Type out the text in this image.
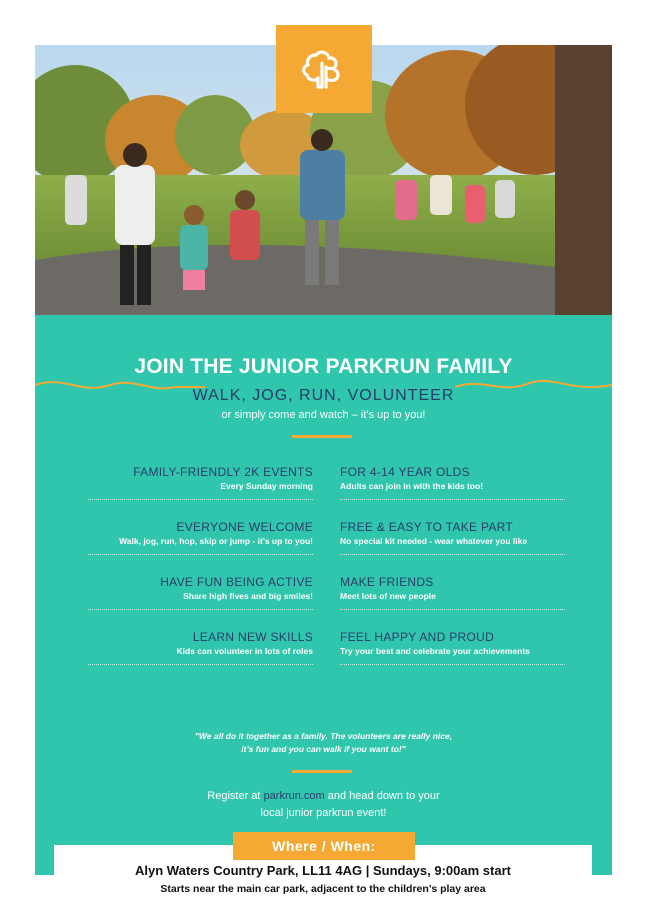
JOIN THE JUNIOR PARKRUN FAMILY
WALK, JOG, RUN, VOLUNTEER
or simply come and watch – it’s up to you!
FAMILY-FRIENDLY 2K EVENTS
Every Sunday morning
FOR 4-14 YEAR OLDS
Adults can join in with the kids too!
EVERYONE WELCOME
Walk, jog, run, hop, skip or jump - it’s up to you!
FREE & EASY TO TAKE PART
No special kit needed - wear whatever you like
HAVE FUN BEING ACTIVE
Share high fives and big smiles!
MAKE FRIENDS
Meet lots of new people
LEARN NEW SKILLS
Kids can volunteer in lots of roles
FEEL HAPPY AND PROUD
Try your best and celebrate your achievements
"We all do it together as a family. The volunteers are really nice,
it’s fun and you can walk if you want to!"
Register at parkrun.com and head down to your
local junior parkrun event!
Where / When:
Alyn Waters Country Park, LL11 4AG | Sundays, 9:00am start
Starts near the main car park, adjacent to the children’s play area
